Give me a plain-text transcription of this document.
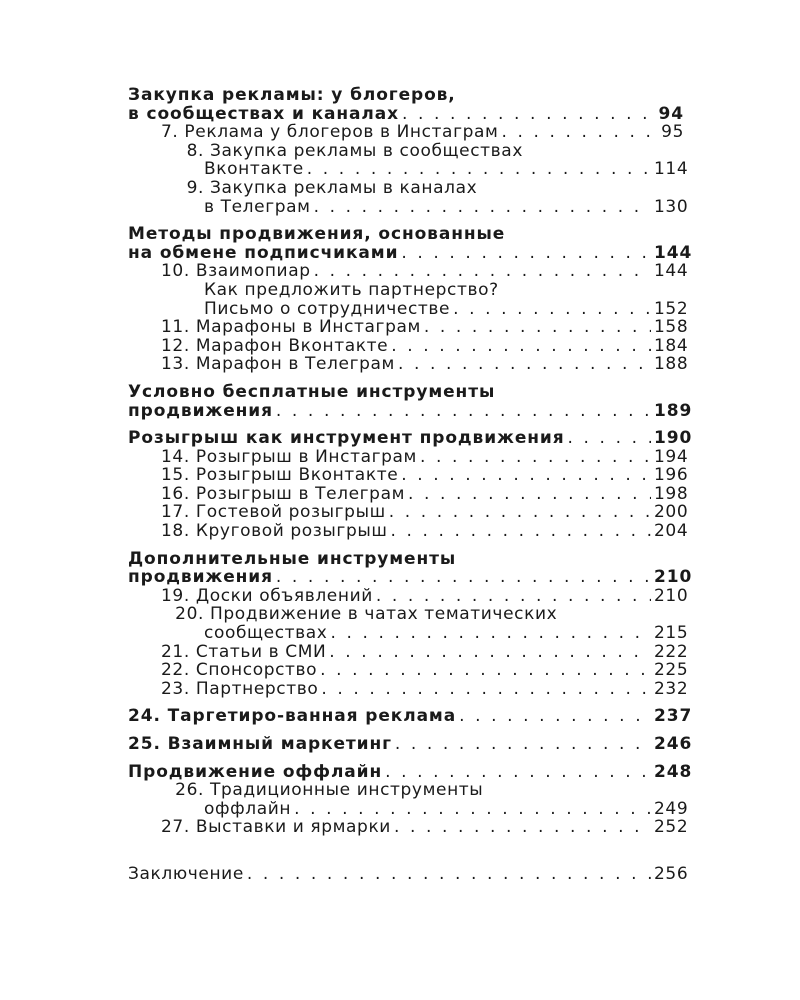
Закупка рекламы: у блогеров,
в сообществах и каналах . . .	94
7. Реклама у блогеров в Инстаграм . . .	95
8. Закупка рекламы в сообществах
Вконтакте . . .	114
9. Закупка рекламы в каналах
в Телеграм . . .	130
Методы продвижения, основанные
на обмене подписчиками . . .	144
10. Взаимопиар . . .	144
Как предложить партнерство?
Письмо о сотрудничестве . . .	152
11. Марафоны в Инстаграм . . .	158
12. Марафон Вконтакте . . .	184
13. Марафон в Телеграм . . .	188
Условно бесплатные инструменты
продвижения . . .	189
Розыгрыш как инструмент продвижения . . .	190
14. Розыгрыш в Инстаграм . . .	194
15. Розыгрыш Вконтакте . . .	196
16. Розыгрыш в Телеграм . . .	198
17. Гостевой розыгрыш . . .	200
18. Круговой розыгрыш . . .	204
Дополнительные инструменты
продвижения . . .	210
19. Доски объявлений . . .	210
20. Продвижение в чатах тематических
сообществах . . .	215
21. Статьи в СМИ . . .	222
22. Спонсорство . . .	225
23. Партнерство . . .	232
24. Таргетиро-ванная реклама . . .	237
25. Взаимный маркетинг . . .	246
Продвижение оффлайн . . .	248
26. Традиционные инструменты
оффлайн . . .	249
27. Выставки и ярмарки . . .	252
Заключение . . .	256
